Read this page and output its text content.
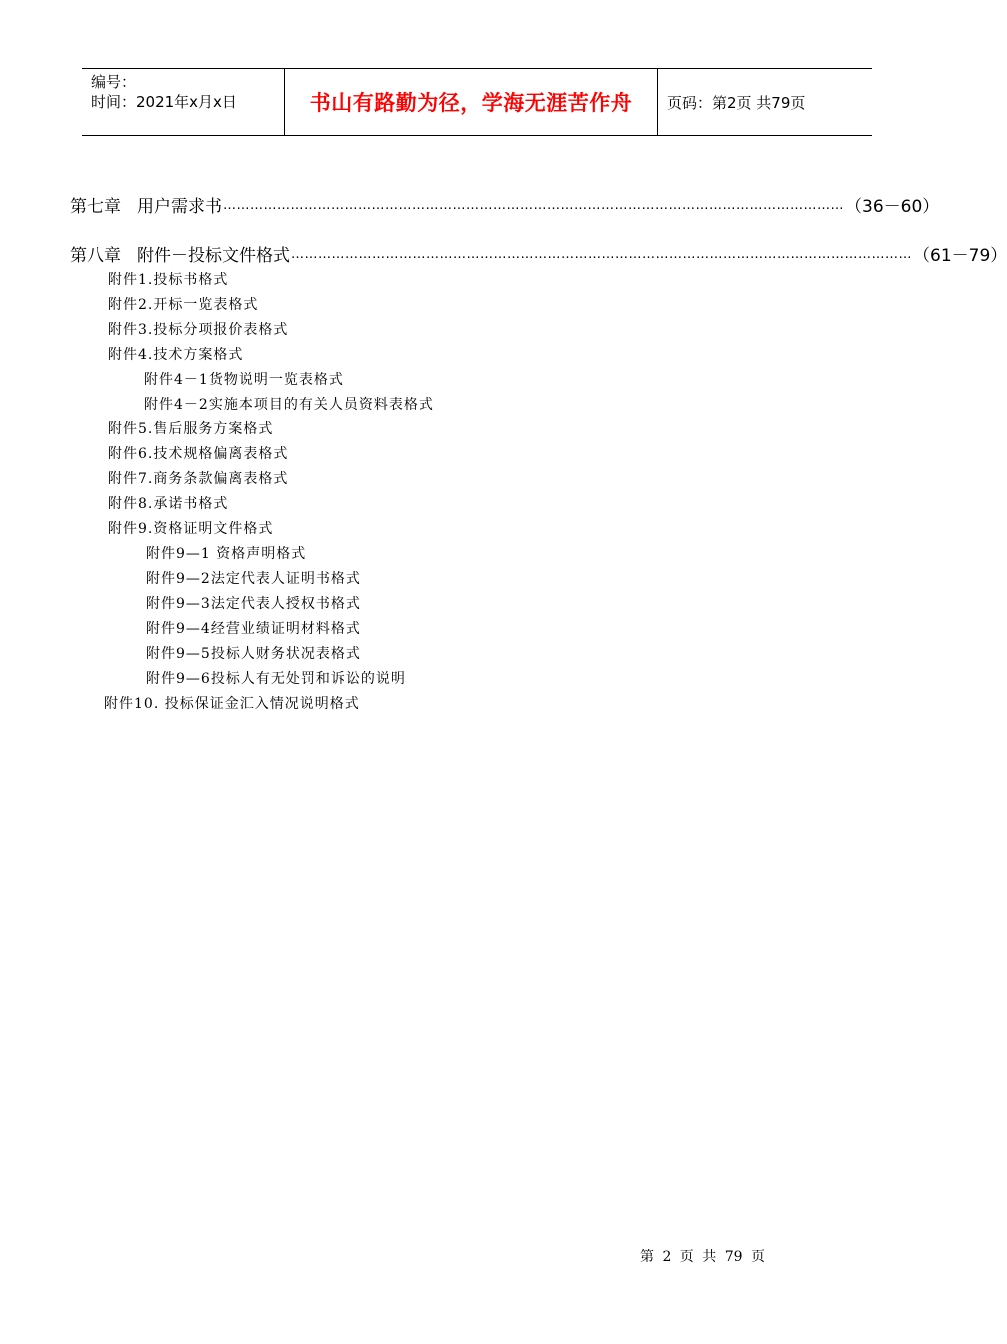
编号：
时间：2021年x月x日	书山有路勤为径，学海无涯苦作舟 页码：第2页 共79页
第七章 用户需求书 ………………………………………………………………………………………………………………………… （36－60）
第八章 附件－投标文件格式 ………………………………………………………………………………………………………………………… （61－79）
附件1.投标书格式
附件2.开标一览表格式
附件3.投标分项报价表格式
附件4.技术方案格式
附件4－1货物说明一览表格式
附件4－2实施本项目的有关人员资料表格式
附件5.售后服务方案格式
附件6.技术规格偏离表格式
附件7.商务条款偏离表格式
附件8.承诺书格式
附件9.资格证明文件格式
附件9—1 资格声明格式
附件9—2法定代表人证明书格式
附件9—3法定代表人授权书格式
附件9—4经营业绩证明材料格式
附件9—5投标人财务状况表格式
附件9—6投标人有无处罚和诉讼的说明
附件10. 投标保证金汇入情况说明格式
第 2 页 共 79 页
